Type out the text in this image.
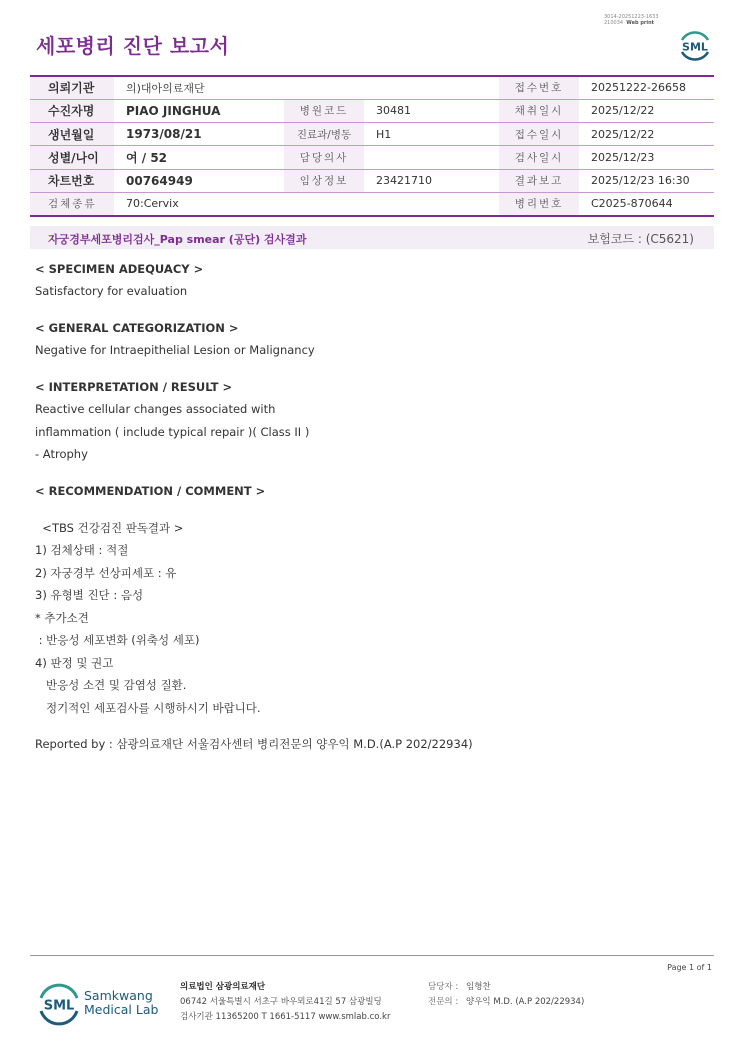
3014-20251223-1633
210034 Web print
세포병리 진단 보고서	SML
의뢰기관	의)대아의료재단			접수번호	20251222-26658
수진자명	PIAO JINGHUA	병원코드	30481	채취일시	2025/12/22
생년월일	1973/08/21	진료과/병동	H1	접수일시	2025/12/22
성별/나이	여 / 52	담당의사		검사일시	2025/12/23
차트번호	00764949	임상정보	23421710	결과보고	2025/12/23 16:30
검체종류	70:Cervix			병리번호	C2025-870644
자궁경부세포병리검사_Pap smear (공단) 검사결과	보험코드 : (C5621)
< SPECIMEN ADEQUACY >
Satisfactory for evaluation
< GENERAL CATEGORIZATION >
Negative for Intraepithelial Lesion or Malignancy
< INTERPRETATION / RESULT >
Reactive cellular changes associated with
inflammation ( include typical repair )( Class II )
- Atrophy
< RECOMMENDATION / COMMENT >
<TBS 건강검진 판독결과 >
1) 검체상태 : 적절
2) 자궁경부 선상피세포 : 유
3) 유형별 진단 : 음성
* 추가소견
: 반응성 세포변화 (위축성 세포)
4) 판정 및 권고
반응성 소견 및 감염성 질환.
정기적인 세포검사를 시행하시기 바랍니다.
Reported by : 삼광의료재단 서울검사센터 병리전문의 양우익 M.D.(A.P 202/22934)
Page 1 of 1
SML
Samkwang
Medical Lab
의료법인 삼광의료재단
06742 서울특별시 서초구 바우뫼로41길 57 삼광빌딩
검사기관 11365200 T 1661-5117 www.smlab.co.kr
담당자 : 임형찬
전문의 : 양우익 M.D. (A.P 202/22934)
